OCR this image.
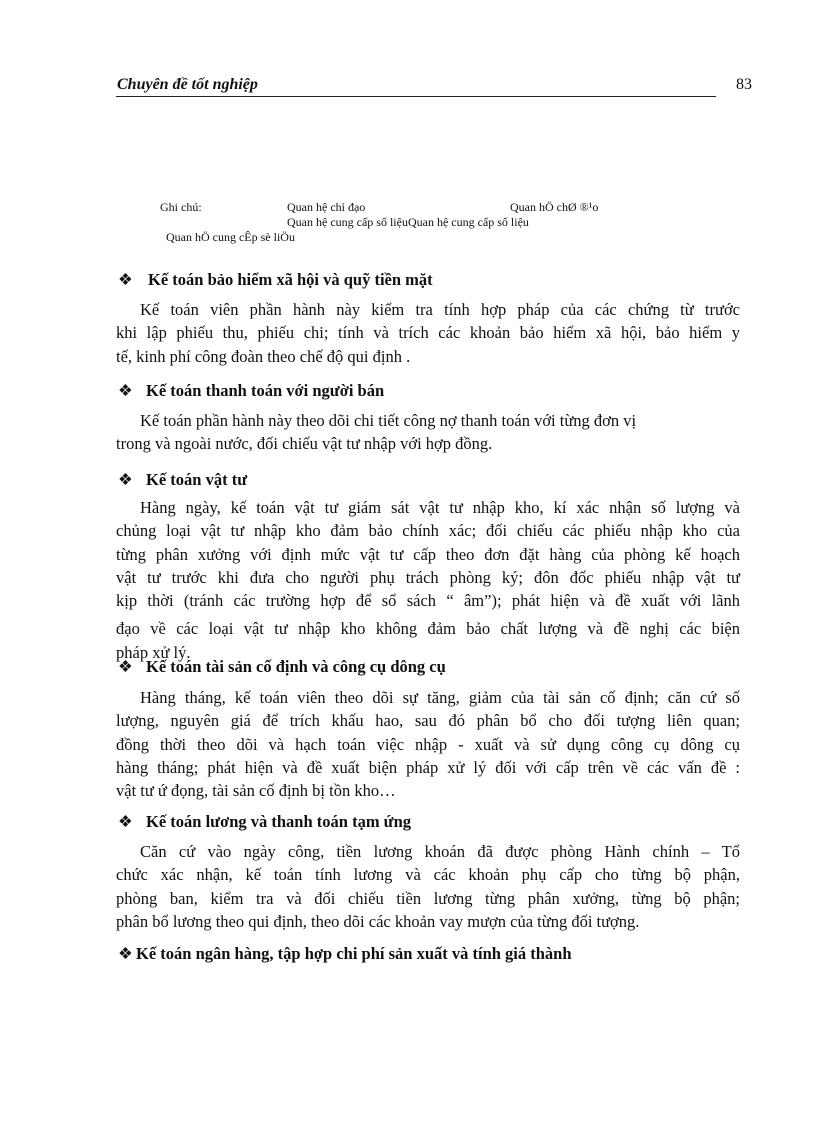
Chuyên đề tốt nghiệp	83
Ghi chú:	Quan hệ chỉ đạo	Quan hÖ chØ ®¹o
Quan hệ cung cấp số liệuQuan hệ cung cấp số liệu
Quan hÖ cung cÊp sè liÖu
❖ Kế toán bảo hiểm xã hội và quỹ tiền mặt
Kế toán viên phần hành này kiểm tra tính hợp pháp của các chứng từ trước
khi lập phiếu thu, phiếu chi; tính và trích các khoản bảo hiểm xã hội, bảo hiểm y
tế, kinh phí công đoàn theo chế độ qui định .
❖ Kế toán thanh toán với người bán
Kế toán phần hành này theo dõi chi tiết công nợ thanh toán với từng đơn vị
trong và ngoài nước, đối chiếu vật tư nhập với hợp đồng.
❖ Kế toán vật tư
Hàng ngày, kế toán vật tư giám sát vật tư nhập kho, kí xác nhận số lượng và
chủng loại vật tư nhập kho đảm bảo chính xác; đối chiếu các phiếu nhập kho của
từng phân xưởng với định mức vật tư cấp theo đơn đặt hàng của phòng kế hoạch
vật tư trước khi đưa cho người phụ trách phòng ký; đôn đốc phiếu nhập vật tư
kịp thời (tránh các trường hợp để sổ sách “ âm”); phát hiện và đề xuất với lãnh
đạo về các loại vật tư nhập kho không đảm bảo chất lượng và đề nghị các biện
pháp xử lý.
❖ Kế toán tài sản cố định và công cụ dông cụ
Hàng tháng, kế toán viên theo dõi sự tăng, giảm của tài sản cố định; căn cứ số
lượng, nguyên giá để trích khấu hao, sau đó phân bổ cho đối tượng liên quan;
đồng thời theo dõi và hạch toán việc nhập - xuất và sử dụng công cụ dông cụ
hàng tháng; phát hiện và đề xuất biện pháp xử lý đối với cấp trên về các vấn đề :
vật tư ứ đọng, tài sản cố định bị tồn kho…
❖ Kế toán lương và thanh toán tạm ứng
Căn cứ vào ngày công, tiền lương khoán đã được phòng Hành chính – Tổ
chức xác nhận, kế toán tính lương và các khoản phụ cấp cho từng bộ phận,
phòng ban, kiểm tra và đối chiếu tiền lương từng phân xưởng, từng bộ phận;
phân bổ lương theo qui định, theo dõi các khoản vay mượn của từng đối tượng.
❖ Kế toán ngân hàng, tập hợp chi phí sản xuất và tính giá thành
